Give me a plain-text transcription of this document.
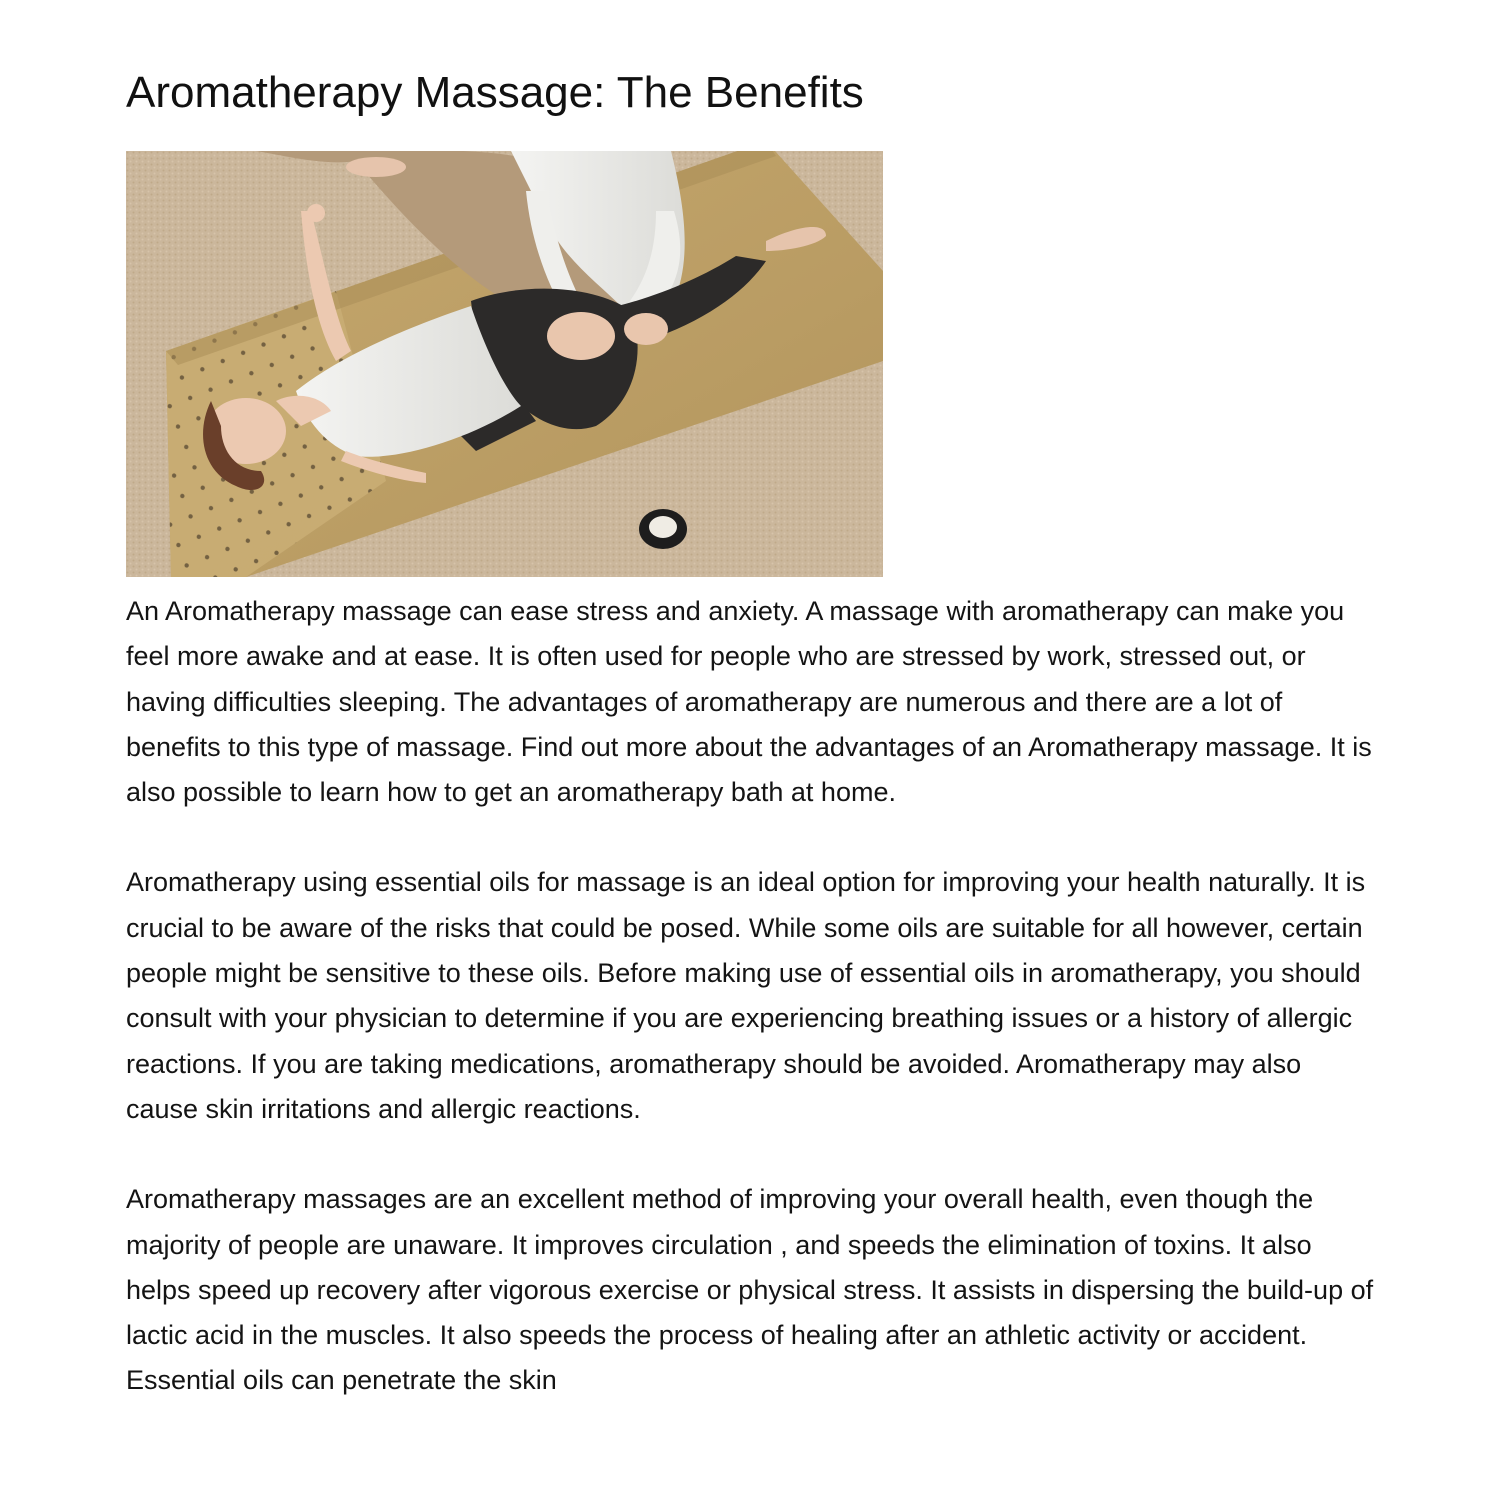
Aromatherapy Massage: The Benefits

An Aromatherapy massage can ease stress and anxiety. A massage with aromatherapy can make you feel more awake and at ease. It is often used for people who are stressed by work, stressed out, or having difficulties sleeping. The advantages of aromatherapy are numerous and there are a lot of benefits to this type of massage. Find out more about the advantages of an Aromatherapy massage. It is also possible to learn how to get an aromatherapy bath at home.

Aromatherapy using essential oils for massage is an ideal option for improving your health naturally. It is crucial to be aware of the risks that could be posed. While some oils are suitable for all however, certain people might be sensitive to these oils. Before making use of essential oils in aromatherapy, you should consult with your physician to determine if you are experiencing breathing issues or a history of allergic reactions. If you are taking medications, aromatherapy should be avoided. Aromatherapy may also cause skin irritations and allergic reactions.

Aromatherapy massages are an excellent method of improving your overall health, even though the majority of people are unaware. It improves circulation , and speeds the elimination of toxins. It also helps speed up recovery after vigorous exercise or physical stress. It assists in dispersing the build-up of lactic acid in the muscles. It also speeds the process of healing after an athletic activity or accident. Essential oils can penetrate the skin
